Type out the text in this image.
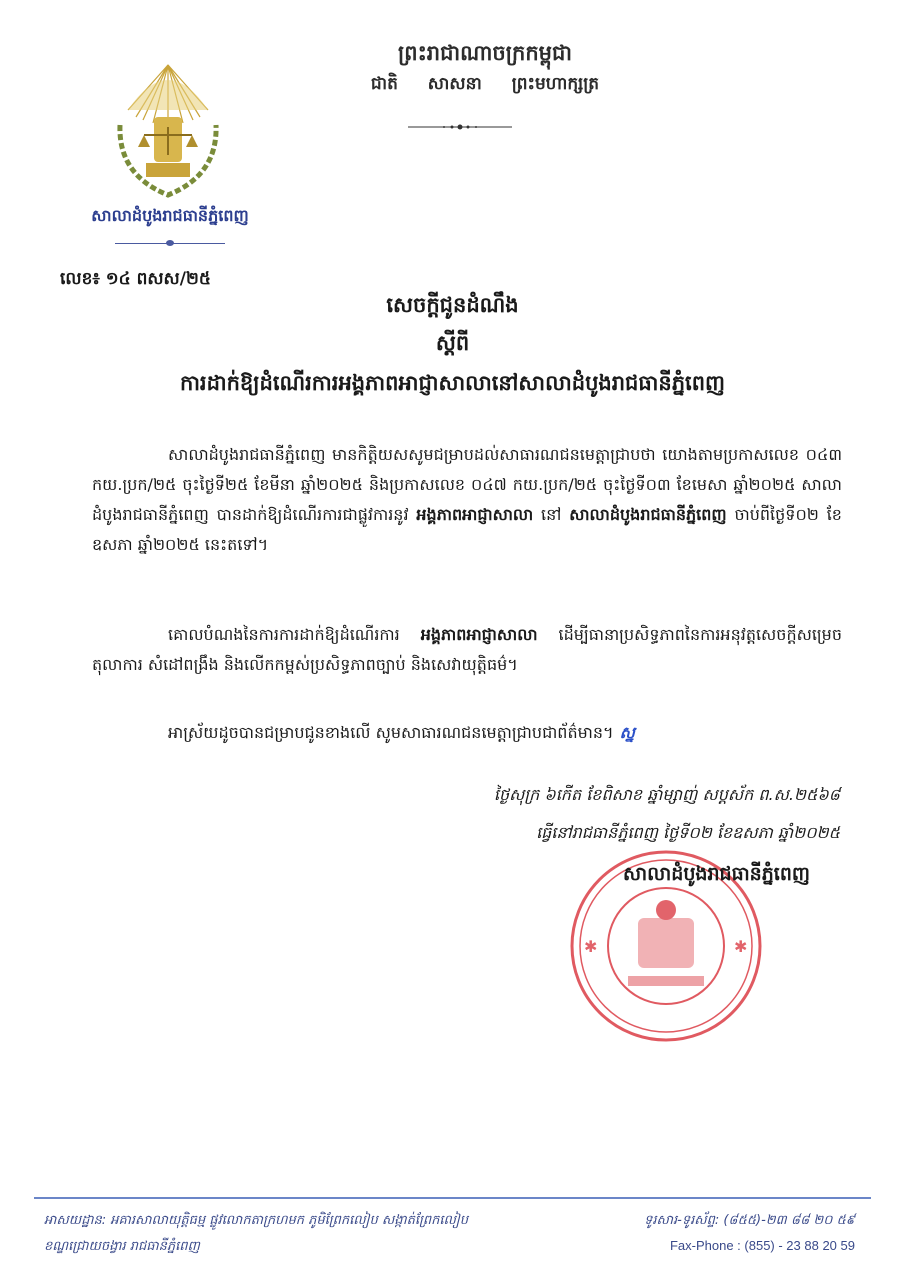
សាលាដំបូងរាជធានីភ្នំពេញ
ព្រះរាជាណាចក្រកម្ពុជា
ជាតិ សាសនា ព្រះមហាក្សត្រ
លេខ៖ ១៤ ពសស/២៥
សេចក្តីជូនដំណឹង
ស្តីពី
ការដាក់ឱ្យដំណើរការអង្គភាពអាជ្ញាសាលានៅសាលាដំបូងរាជធានីភ្នំពេញ
សាលាដំបូងរាជធានីភ្នំពេញ មានកិត្តិយសសូមជម្រាបដល់សាធារណជនមេត្តាជ្រាបថា យោងតាមប្រកាសលេខ ០៤៣ កយ.ប្រក/២៥ ចុះថ្ងៃទី២៥ ខែមីនា ឆ្នាំ២០២៥ និងប្រកាសលេខ ០៤៧ កយ.ប្រក/២៥ ចុះថ្ងៃទី០៣ ខែមេសា ឆ្នាំ២០២៥ សាលាដំបូងរាជធានីភ្នំពេញ បានដាក់ឱ្យដំណើរការជាផ្លូវការនូវ អង្គភាពអាជ្ញាសាលា នៅ សាលាដំបូងរាជធានីភ្នំពេញ ចាប់ពីថ្ងៃទី០២ ខែឧសភា ឆ្នាំ២០២៥ នេះតទៅ។
គោលបំណងនៃការការដាក់ឱ្យដំណើរការ អង្គភាពអាជ្ញាសាលា ដើម្បីធានាប្រសិទ្ធភាពនៃការអនុវត្តសេចក្តីសម្រេចតុលាការ សំដៅពង្រឹង និងលើកកម្ពស់ប្រសិទ្ធភាពច្បាប់ និងសេវាយុត្តិធម៌។
អាស្រ័យដូចបានជម្រាបជូនខាងលើ សូមសាធារណជនមេត្តាជ្រាបជាព័ត៌មាន។ ស្ន
ថ្ងៃសុក្រ ៦កើត ខែពិសាខ ឆ្នាំម្សាញ់ សប្តស័ក ព.ស.២៥៦៨
ធ្វើនៅរាជធានីភ្នំពេញ ថ្ងៃទី០២ ខែឧសភា ឆ្នាំ២០២៥
✱	✱
សាលាដំបូងរាជធានីភ្នំពេញ
អាសយដ្ឋាន: អគារសាលាយុត្តិធម្ម ផ្លូវលោកតាក្រហមក ភូមិព្រែកលៀប សង្កាត់ព្រែកលៀប
ខណ្ឌជ្រោយចង្វារ រាជធានីភ្នំពេញ
ទូរសារ-ទូរស័ព្ទ: (៨៥៥)-២៣ ៨៨ ២០ ៥៩
Fax-Phone : (855) - 23 88 20 59
